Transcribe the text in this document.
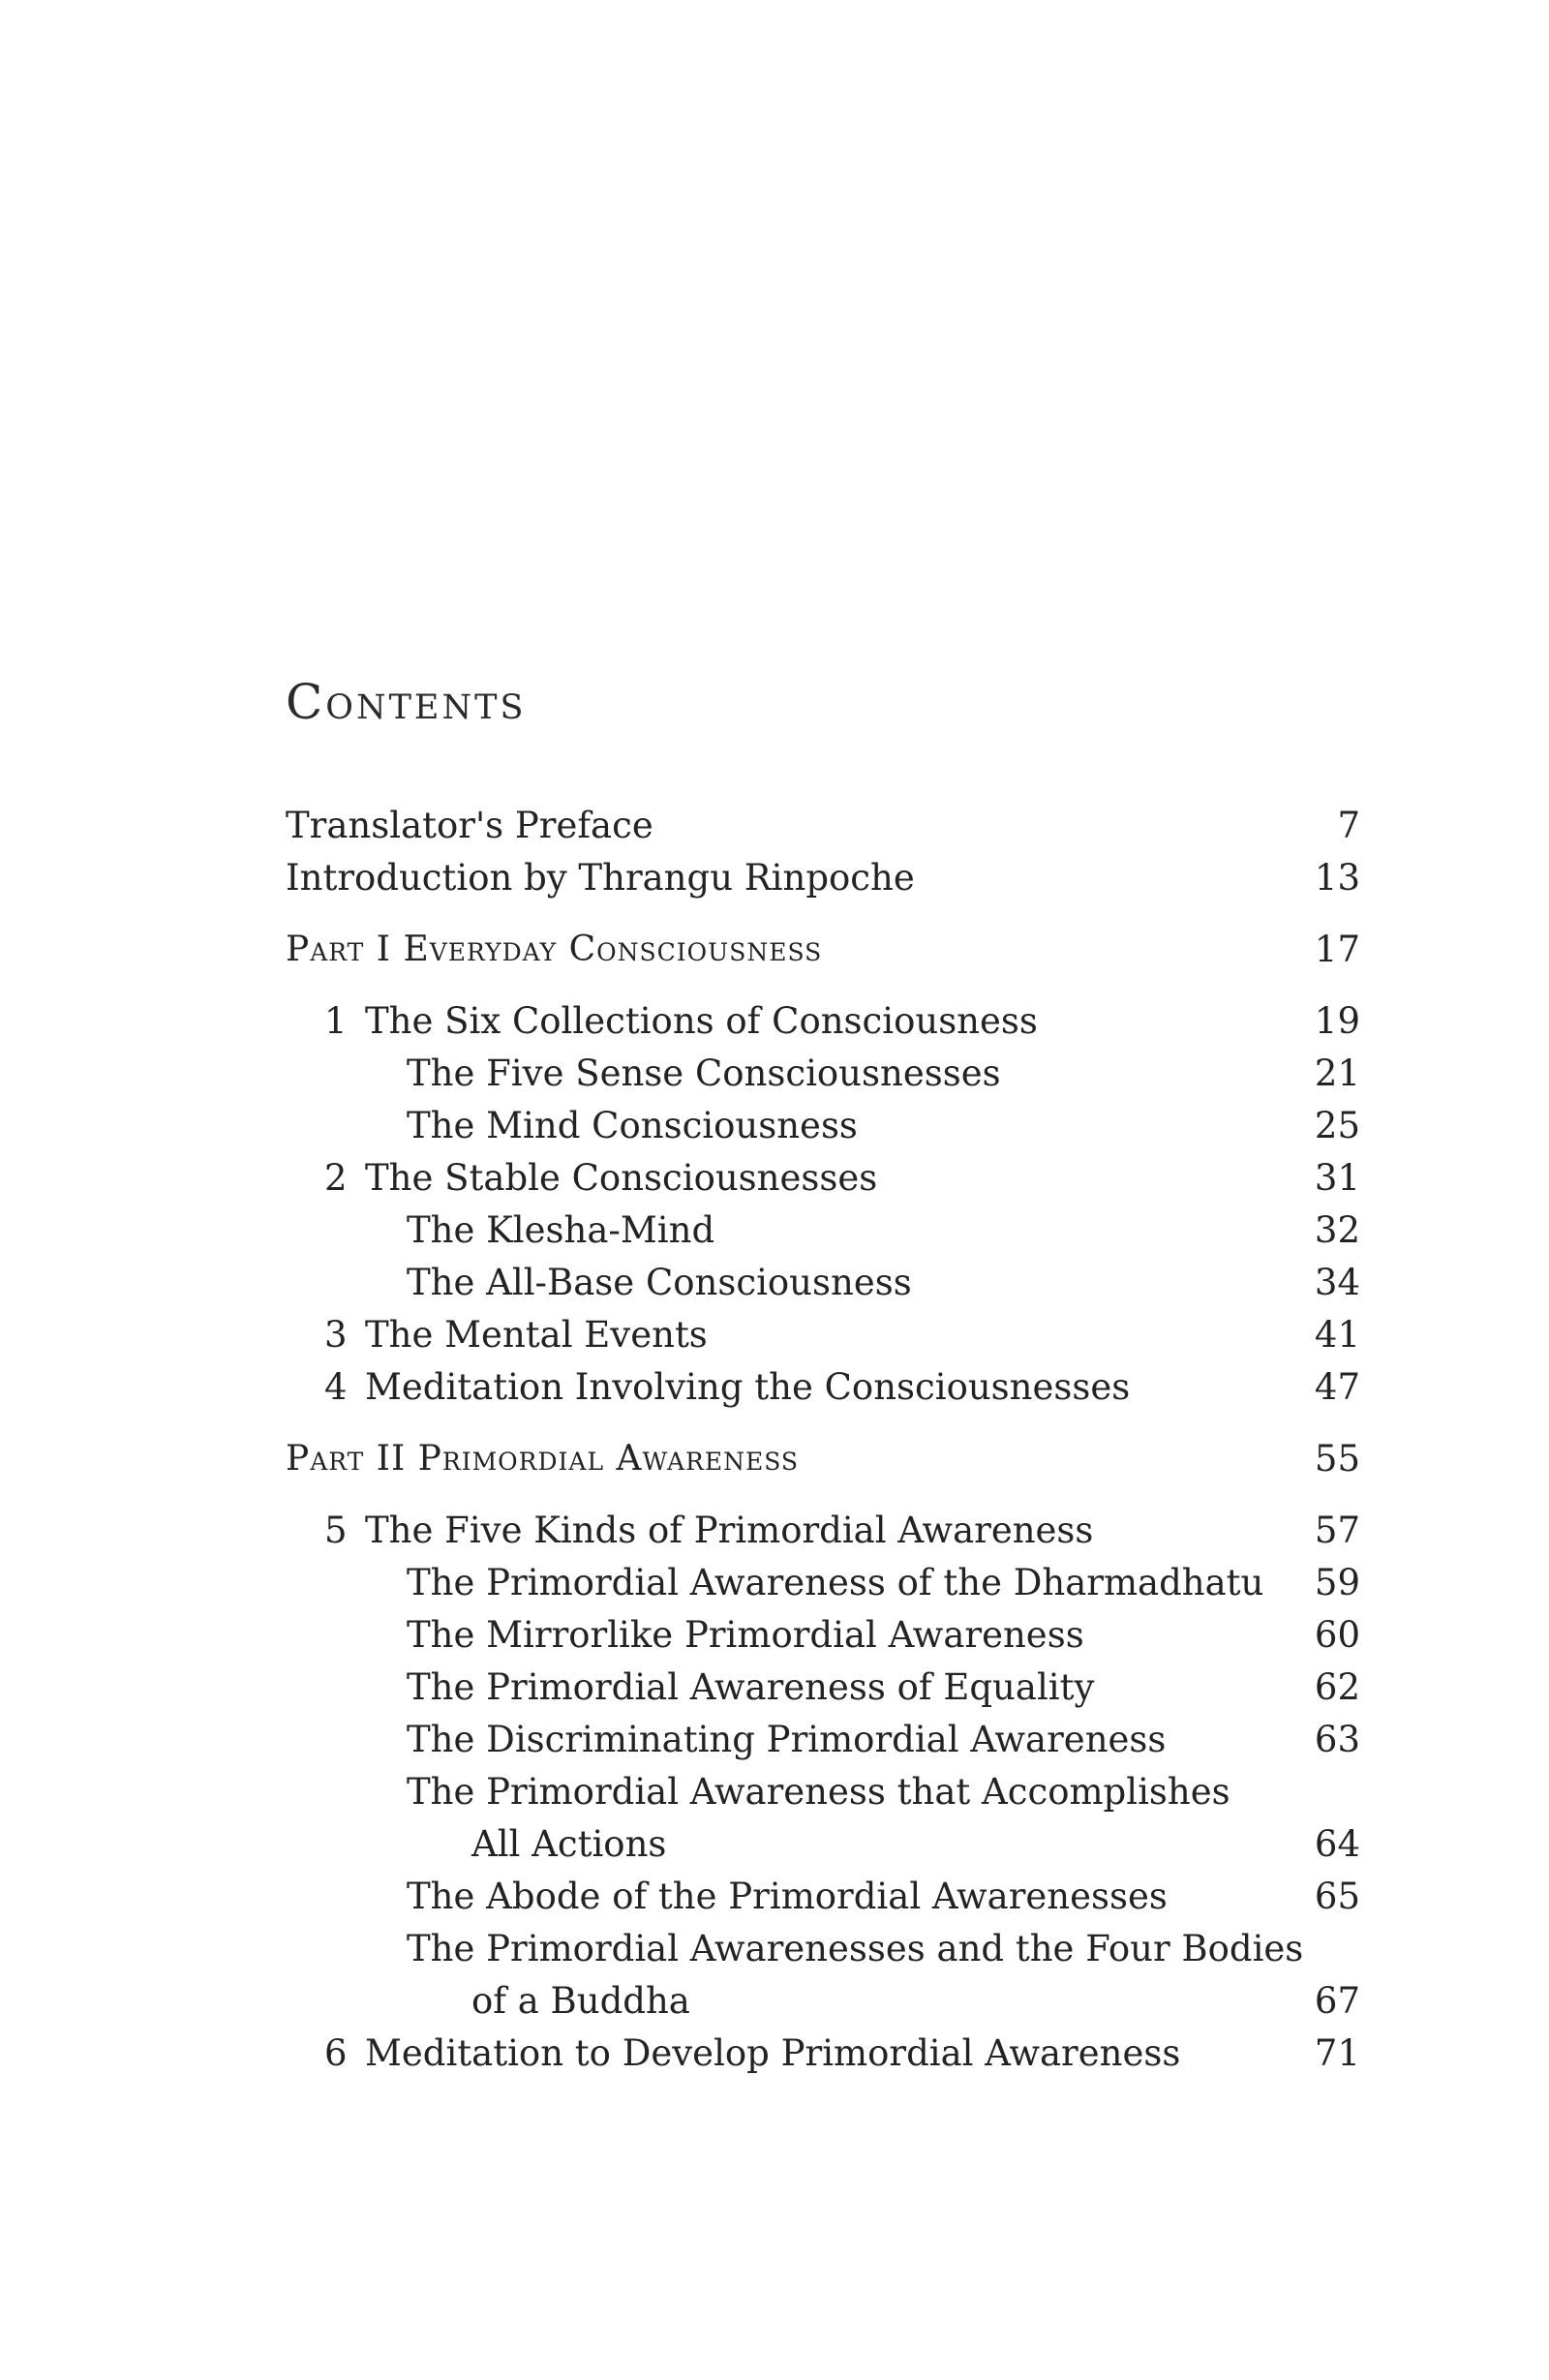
Contents
Translator's Preface	7
Introduction by Thrangu Rinpoche	13
Part I Everyday Consciousness	17
1 The Six Collections of Consciousness	19
The Five Sense Consciousnesses	21
The Mind Consciousness	25
2 The Stable Consciousnesses	31
The Klesha-Mind	32
The All-Base Consciousness	34
3 The Mental Events	41
4 Meditation Involving the Consciousnesses	47
Part II Primordial Awareness	55
5 The Five Kinds of Primordial Awareness	57
The Primordial Awareness of the Dharmadhatu 59
The Mirrorlike Primordial Awareness	60
The Primordial Awareness of Equality	62
The Discriminating Primordial Awareness	63
The Primordial Awareness that Accomplishes
All Actions	64
The Abode of the Primordial Awarenesses	65
The Primordial Awarenesses and the Four Bodies
of a Buddha	67
6 Meditation to Develop Primordial Awareness	71
